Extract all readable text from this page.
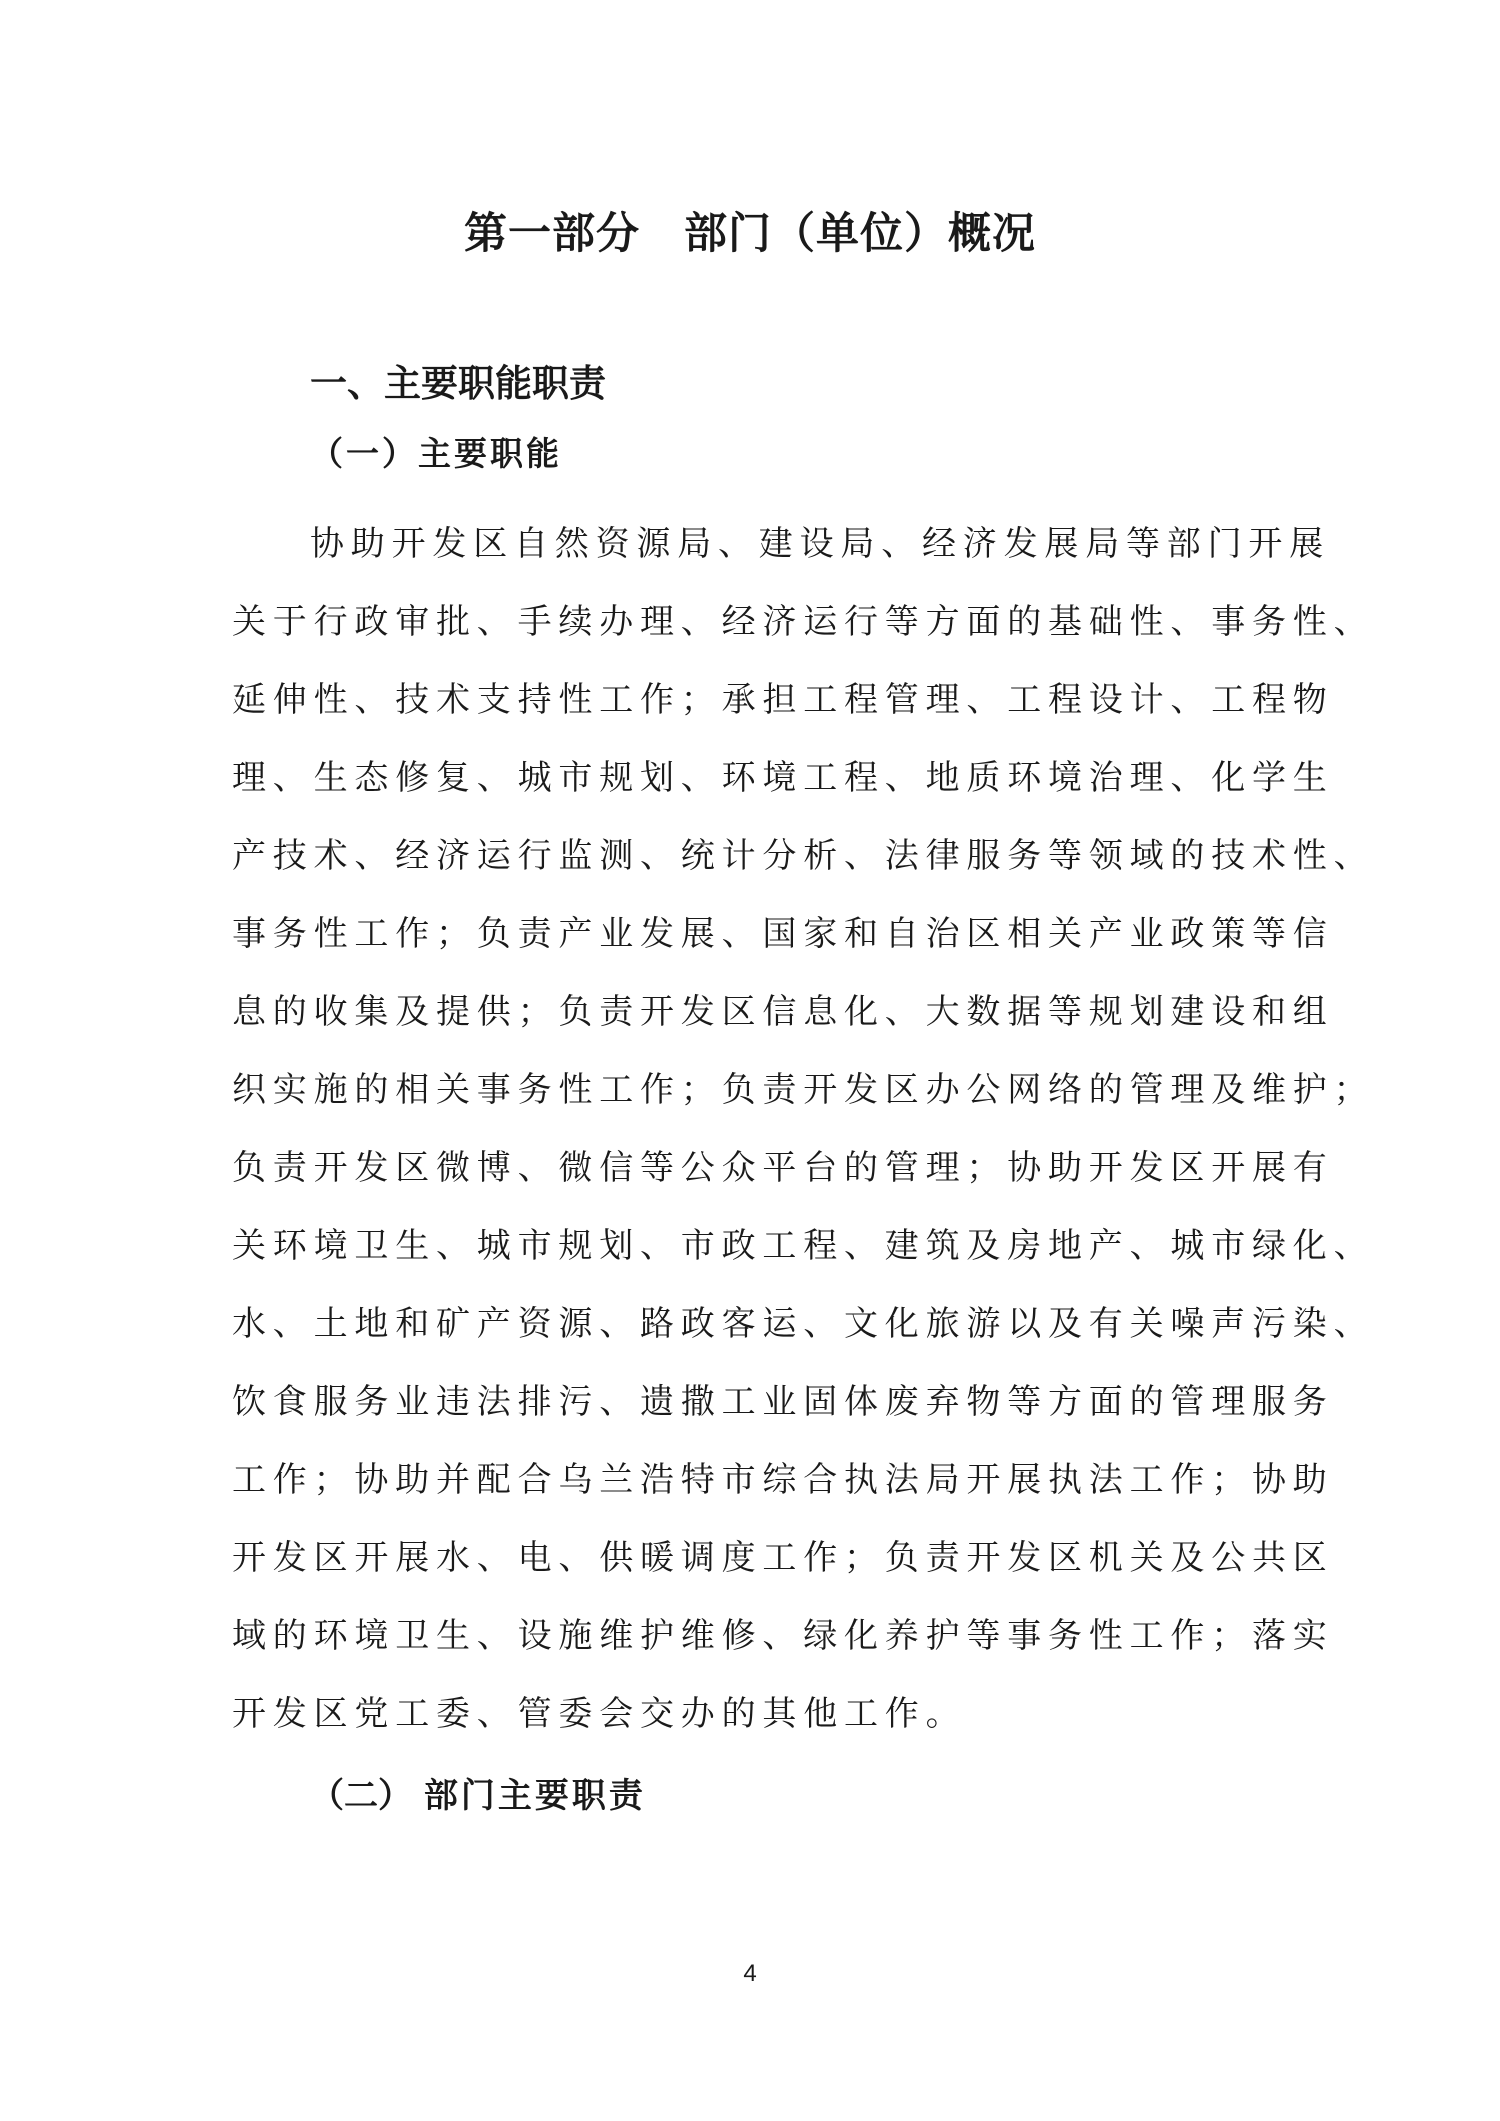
第一部分　部门（单位）概况
一、主要职能职责
（一）主要职能

协助开发区自然资源局、建设局、经济发展局等部门开展

关于行政审批、手续办理、经济运行等方面的基础性、事务性、

延伸性、技术支持性工作；承担工程管理、工程设计、工程物

理、生态修复、城市规划、环境工程、地质环境治理、化学生

产技术、经济运行监测、统计分析、法律服务等领域的技术性、

事务性工作；负责产业发展、国家和自治区相关产业政策等信

息的收集及提供；负责开发区信息化、大数据等规划建设和组

织实施的相关事务性工作；负责开发区办公网络的管理及维护；

负责开发区微博、微信等公众平台的管理；协助开发区开展有

关环境卫生、城市规划、市政工程、建筑及房地产、城市绿化、

水、土地和矿产资源、路政客运、文化旅游以及有关噪声污染、

饮食服务业违法排污、遗撒工业固体废弃物等方面的管理服务

工作；协助并配合乌兰浩特市综合执法局开展执法工作；协助

开发区开展水、电、供暖调度工作；负责开发区机关及公共区

域的环境卫生、设施维护维修、绿化养护等事务性工作；落实

开发区党工委、管委会交办的其他工作。

（二） 部门主要职责
4
